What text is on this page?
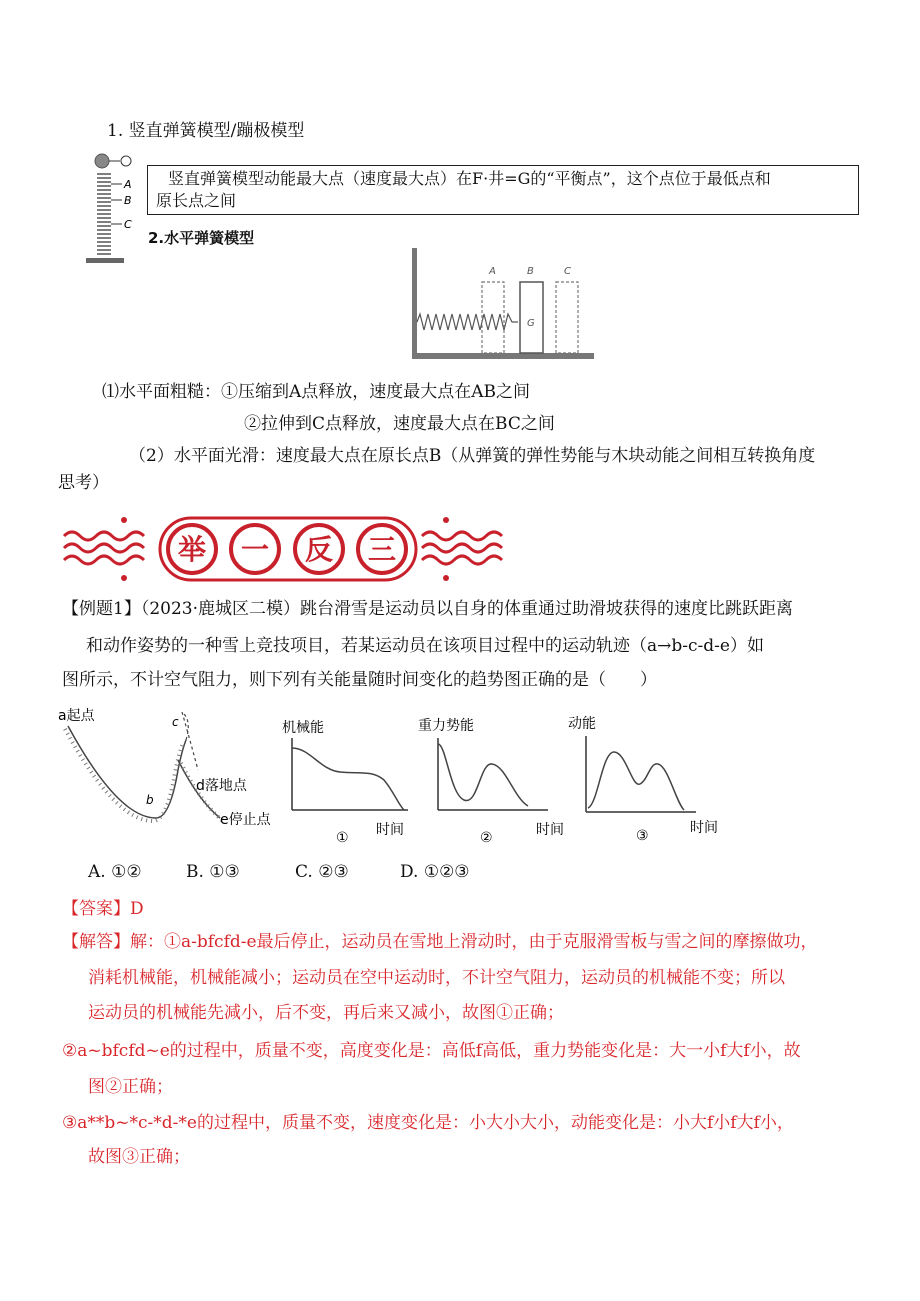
1. 竖直弹簧模型/蹦极模型
A
B
C
竖直弹簧模型动能最大点（速度最大点）在F·井=G的“平衡点”，这个点位于最低点和
原长点之间
2.水平弹簧模型
A	B	C
G
⑴水平面粗糙：①压缩到A点释放，速度最大点在AB之间
②拉伸到C点释放，速度最大点在BC之间
（2）水平面光滑：速度最大点在原长点B（从弹簧的弹性势能与木块动能之间相互转换角度
思考）
举 一 反 三
【例题1】（2023·鹿城区二模）跳台滑雪是运动员以自身的体重通过助滑坡获得的速度比跳跃距离
和动作姿势的一种雪上竞技项目，若某运动员在该项目过程中的运动轨迹（a→b-c-d-e）如
图所示，不计空气阻力，则下列有关能量随时间变化的趋势图正确的是（　　）
a起点
b
c
d落地点
e停止点
机械能
时间
①
重力势能
时间
②
动能
时间
③
A. ①②	B. ①③	C. ②③	D. ①②③
【答案】D
【解答】解：①a-bfcfd-e最后停止，运动员在雪地上滑动时，由于克服滑雪板与雪之间的摩擦做功，
消耗机械能，机械能减小；运动员在空中运动时，不计空气阻力，运动员的机械能不变；所以
运动员的机械能先减小，后不变，再后来又减小，故图①正确；
②a~bfcfd~e的过程中，质量不变，高度变化是：高低f高低，重力势能变化是：大一小f大f小，故
图②正确；
③a**b~*c-*d-*e的过程中，质量不变，速度变化是：小大小大小，动能变化是：小大f小f大f小，
故图③正确；
